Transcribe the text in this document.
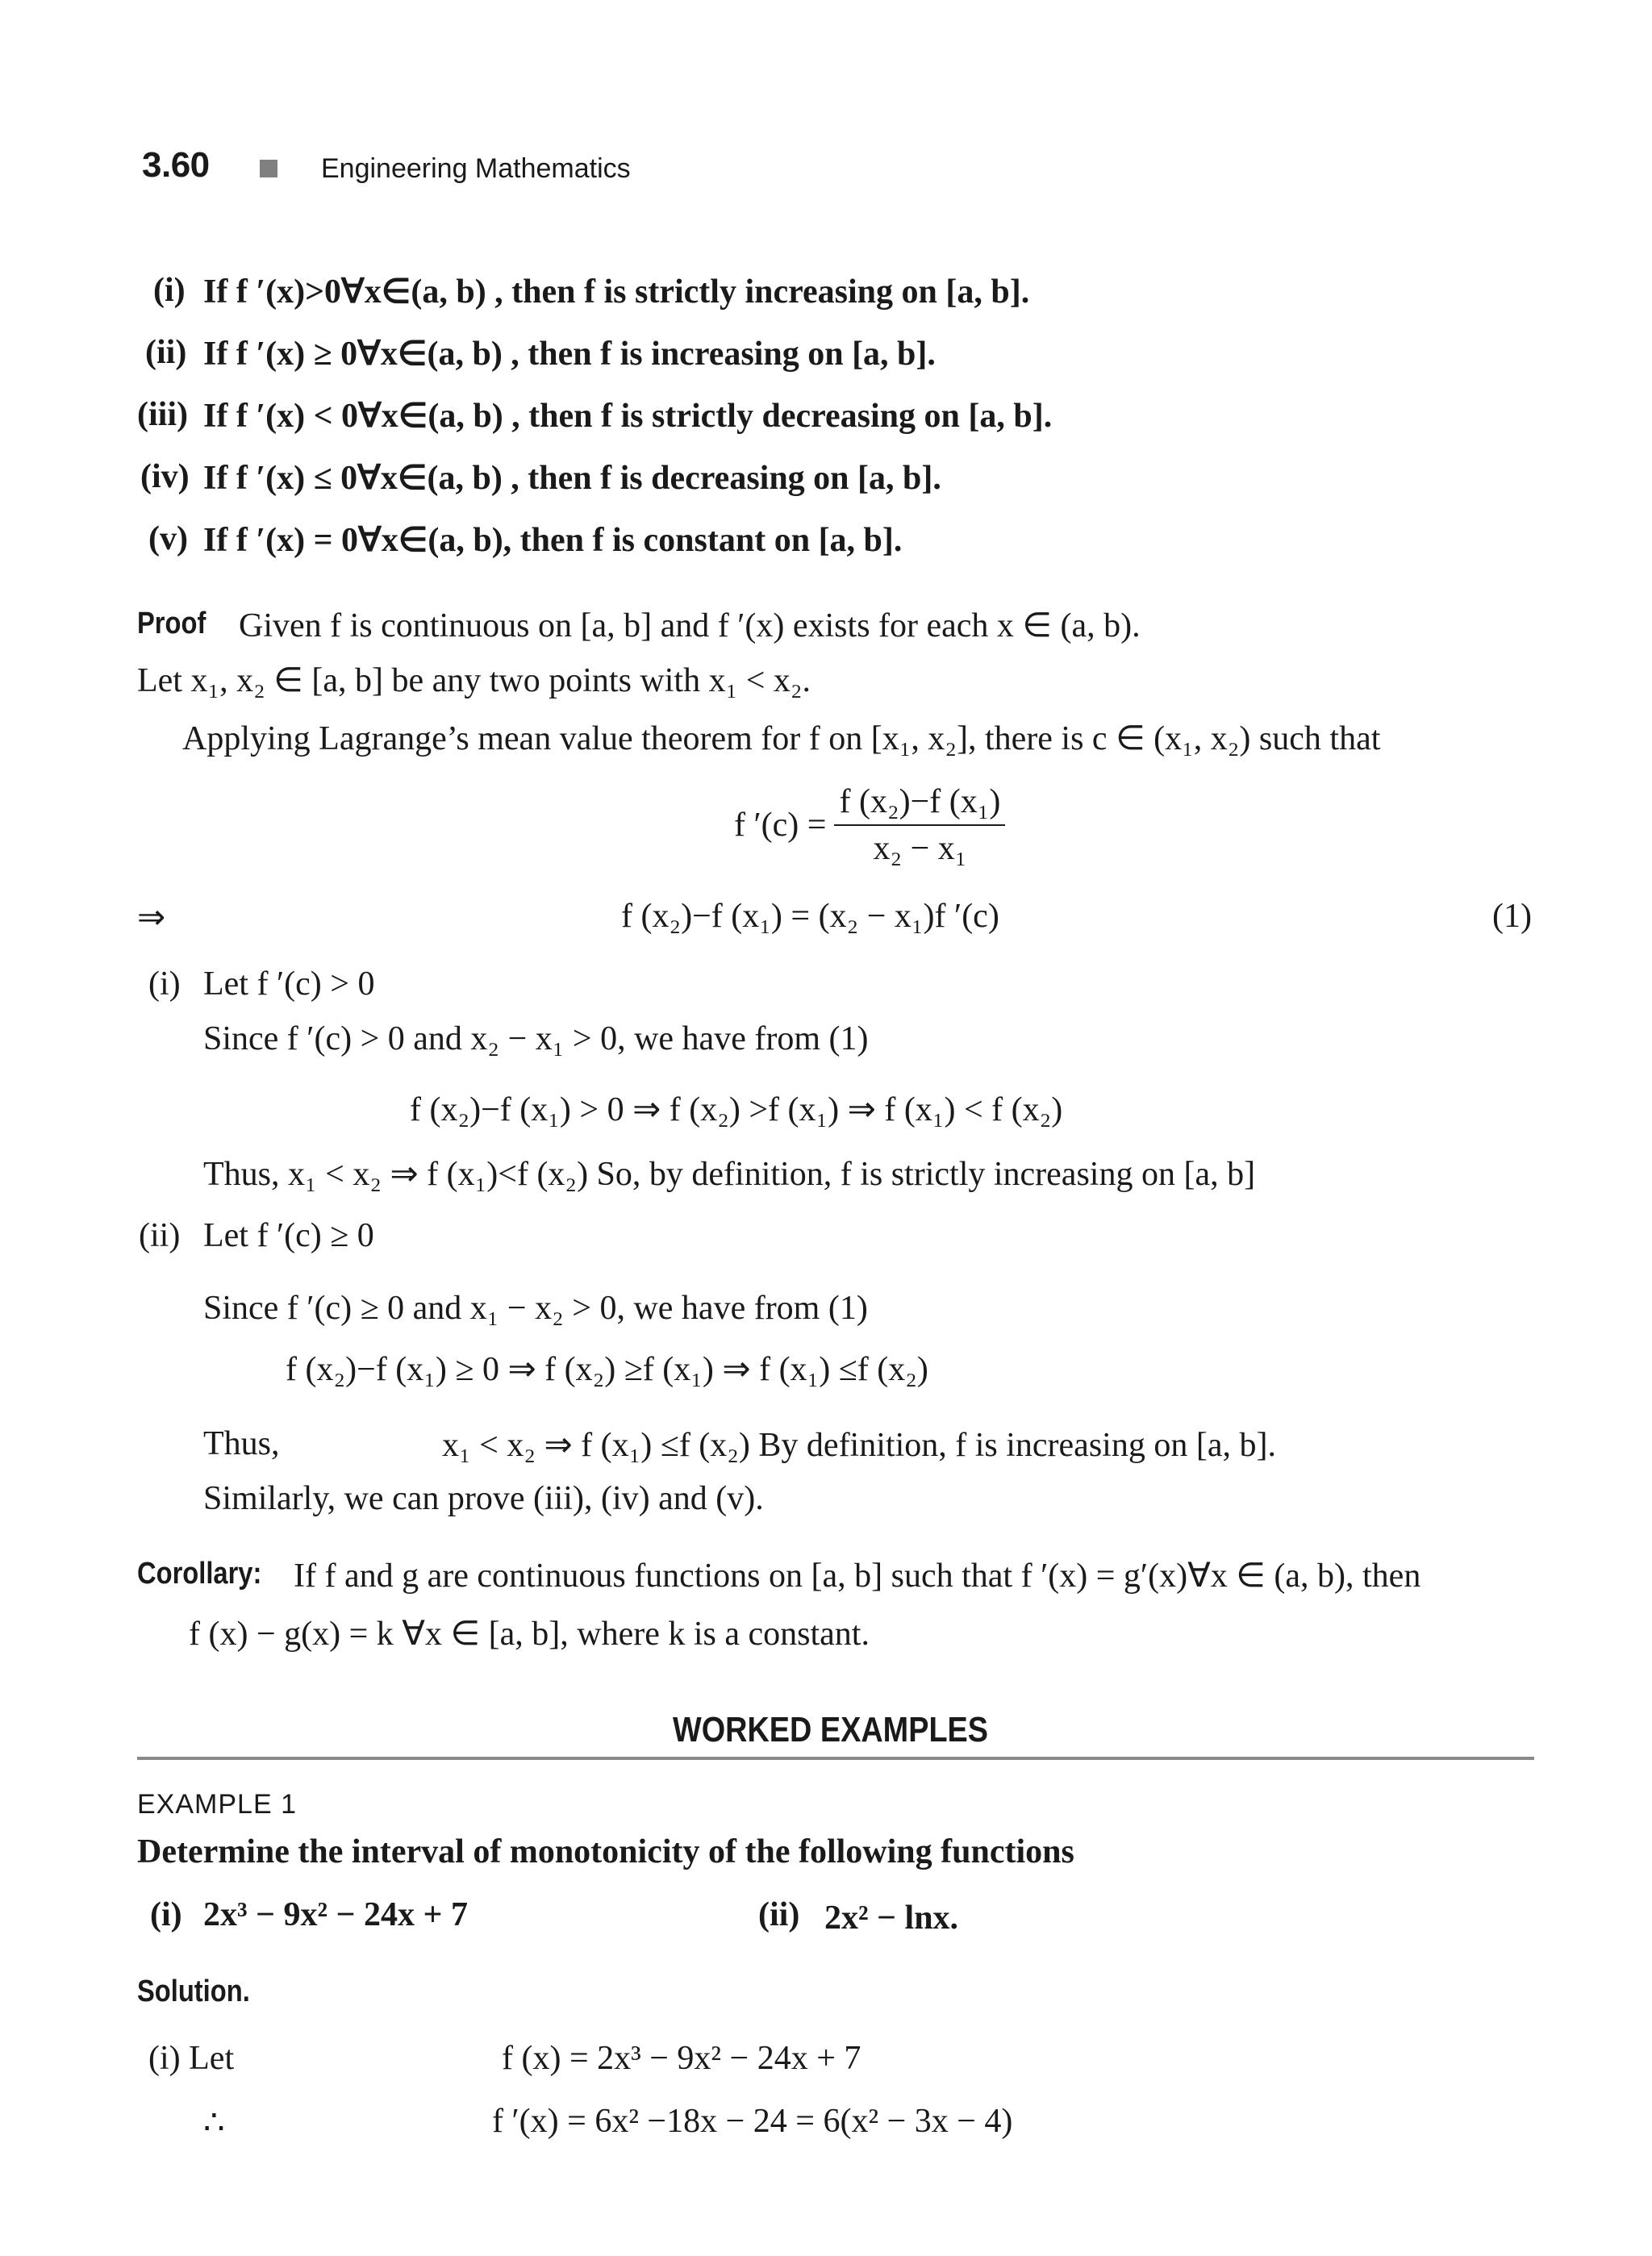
3.60	Engineering Mathematics
(i) If f ′(x)>0∀x∈(a, b) , then f is strictly increasing on [a, b].
(ii) If f ′(x) ≥ 0∀x∈(a, b) , then f is increasing on [a, b].
(iii) If f ′(x) < 0∀x∈(a, b) , then f is strictly decreasing on [a, b].
(iv) If f ′(x) ≤ 0∀x∈(a, b) , then f is decreasing on [a, b].
(v) If f ′(x) = 0∀x∈(a, b), then f is constant on [a, b].
Proof Given f is continuous on [a, b] and f ′(x) exists for each x ∈ (a, b).
Let x₁, x₂ ∈ [a, b] be any two points with x₁ < x₂.
Applying Lagrange’s mean value theorem for f on [x₁, x₂], there is c ∈ (x₁, x₂) such that
f $'(c) = \frac{\text{f (x₂)−f (x₁)}}{\text{x₂ − x₁}}$
⇒	f (x₂)−f (x₁) = (x₂ − x₁)f ′(c)	(1)
(i) Let f ′(c) > 0
Since f ′(c) > 0 and x₂ − x₁ > 0, we have from (1)
f (x₂)−f (x₁) > 0 ⇒ f (x₂) >f (x₁) ⇒ f (x₁) < f (x₂)
Thus, x₁ < x₂ ⇒ f (x₁)<f (x₂) So, by definition, f is strictly increasing on [a, b]
(ii) Let f ′(c) ≥ 0
Since f ′(c) ≥ 0 and x₁ − x₂ > 0, we have from (1)
f (x₂)−f (x₁) ≥ 0 ⇒ f (x₂) ≥f (x₁) ⇒ f (x₁) ≤f (x₂)
Thus,	x₁ < x₂ ⇒ f (x₁) ≤f (x₂) By definition, f is increasing on [a, b].
Similarly, we can prove (iii), (iv) and (v).
Corollary: If f and g are continuous functions on [a, b] such that f ′(x) = g′(x)∀x ∈ (a, b), then
f (x) − g(x) = k ∀x ∈ [a, b], where k is a constant.
WORKED EXAMPLES
EXAMPLE 1
Determine the interval of monotonicity of the following functions
(i) 2x³ − 9x² − 24x + 7	(ii) 2x² − lnx.
Solution.
(i) Let	f (x) = 2x³ − 9x² − 24x + 7
∴	f ′(x) = 6x² −18x − 24 = 6(x² − 3x − 4)
